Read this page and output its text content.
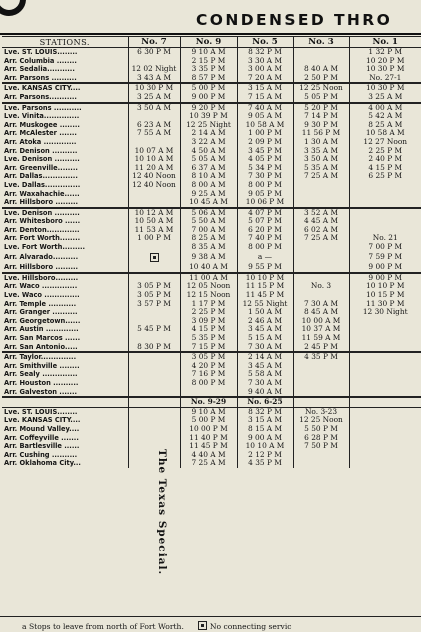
CONDENSED THRO
STATIONS.	No. 7	No. 9	No. 5	No. 3	No. 1
Lve. ST. LOUIS........	6 30 P M	9 10 A M	8 32 P M		1 32 P M
Arr. Columbia ........		2 15 P M	3 30 A M		10 20 P M
Arr. Sedalia...........	12 02 Night	3 35 P M	3 00 A M	8 40 A M	10 30 P M
Arr. Parsons ..........	3 43 A M	8 57 P M	7 20 A M	2 50 P M	No. 27-1
Lve. KANSAS CITY....	10 30 P M	5 00 P M	3 15 A M	12 25 Noon	10 30 P M
Arr. Parsons...........	3 25 A M	9 00 P M	7 15 A M	5 05 P M	3 25 A M
Lve. Parsons ...........	3 50 A M	9 20 P M	7 40 A M	5 20 P M	4 00 A M
Lve. Vinita..............		10 39 P M	9 05 A M	7 14 P M	5 42 A M
Arr. Muskogee ........	6 23 A M	12 25 Night	10 58 A M	9 30 P M	8 25 A M
Arr. McAlester .......	7 55 A M	2 14 A M	1 00 P M	11 56 P M	10 58 A M
Arr. Atoka .............		3 22 A M	2 09 P M	1 30 A M	12 27 Noon
Arr. Denison ..........	10 07 A M	4 50 A M	3 45 P M	3 35 A M	2 25 P M
Lve. Denison ..........	10 10 A M	5 05 A M	4 05 P M	3 50 A M	2 40 P M
Arr. Greenville........	11 20 A M	6 37 A M	5 34 P M	5 35 A M	4 15 P M
Arr. Dallas..............	12 40 Noon	8 10 A M	7 30 P M	7 25 A M	6 25 P M
Lve. Dallas..............	12 40 Noon	8 00 A M	8 00 P M		
Arr. Waxahachie......		9 25 A M	9 05 P M		
Arr. Hillsboro .........		10 45 A M	10 06 P M		
Lve. Denison ..........	10 12 A M	5 06 A M	4 07 P M	3 52 A M	
Arr. Whitesboro ......	10 50 A M	5 50 A M	5 07 P M	4 45 A M	
Arr. Denton.............	11 53 A M	7 00 A M	6 20 P M	6 02 A M	
Arr. Fort Worth........	1 00 P M	8 25 A M	7 40 P M	7 25 A M	No. 21
Lve. Fort Worth.........		8 35 A M	8 00 P M		7 00 P M
Arr. Alvarado..........		9 38 A M	a —		7 59 P M
Arr. Hillsboro .........		10 40 A M	9 55 P M		9 00 P M
Lve. Hillsboro.........		11 00 A M	10 10 P M		9 00 P M
Arr. Waco ..............	3 05 P M	12 05 Noon	11 15 P M	No. 3	10 10 P M
Lve. Waco ..............	3 05 P M	12 15 Noon	11 45 P M		10 15 P M
Arr. Temple ...........	3 57 P M	1 17 P M	12 55 Night	7 30 A M	11 30 P M
Arr. Granger ..........		2 25 P M	1 50 A M	8 45 A M	12 30 Night
Arr. Georgetown......		3 09 P M	2 46 A M	10 00 A M	
Arr. Austin .............	5 45 P M	4 15 P M	3 45 A M	10 37 A M	
Arr. San Marcos ......		5 35 P M	5 15 A M	11 59 A M	
Arr. San Antonio.....	8 30 P M	7 15 P M	7 30 A M	2 45 P M	
Arr. Taylor..............		3 05 P M	2 14 A M	4 35 P M	
Arr. Smithville ........		4 20 P M	3 45 A M		
Arr. Sealy ..............		7 16 P M	5 58 A M		
Arr. Houston ..........		8 00 P M	7 30 A M		
Arr. Galveston .......			9 40 A M		
		No. 9-29	No. 6-25		
Lve. ST. LOUIS........		9 10 A M	8 32 P M	No. 3-23	
Lve. KANSAS CITY....		5 00 P M	3 15 A M	12 25 Noon	
Arr. Mound Valley....		10 00 P M	8 15 A M	5 50 P M	
Arr. Coffeyville .......		11 40 P M	9 00 A M	6 28 P M	
Arr. Bartlesville ......		11 45 P M	10 10 A M	7 50 P M	
Arr. Cushing ..........		4 40 A M	2 12 P M		
Arr. Oklahoma City...		7 25 A M	4 35 P M		
The Texas Special.
a Stops to leave from north of Fort Worth.	No connecting servic
